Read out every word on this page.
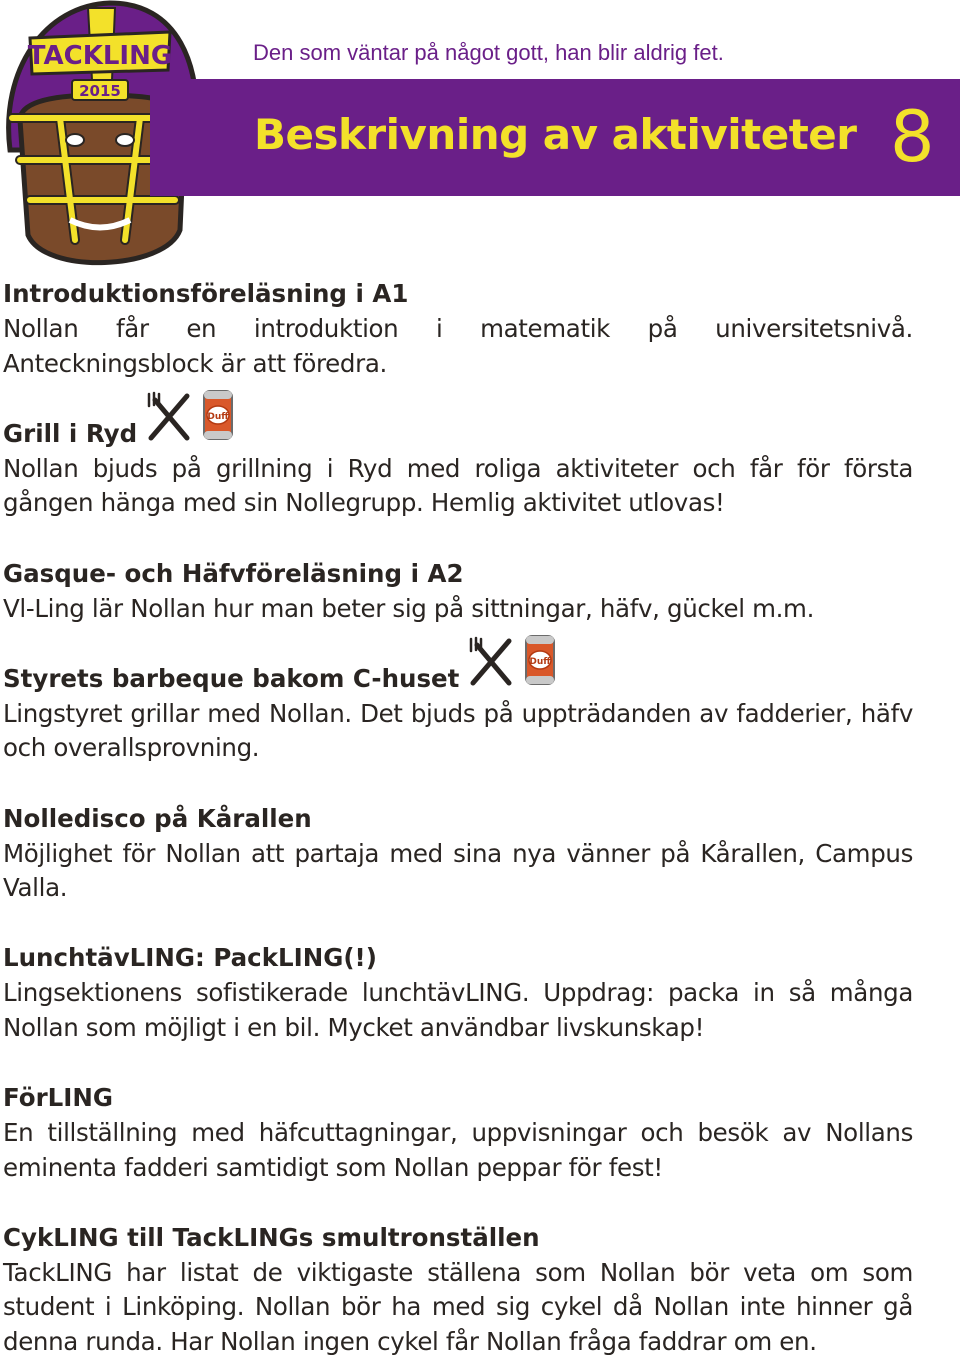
TACKLING
2015
Den som väntar på något gott, han blir aldrig fet.
Beskrivning av aktiviteter 8
Introduktionsföreläsning i A1
Nollan får en introduktion i matematik på universitetsnivå. Anteckningsblock är att föredra.
Grill i Ryd
Duff
Nollan bjuds på grillning i Ryd med roliga aktiviteter och får för första gången hänga med sin Nollegrupp. Hemlig aktivitet utlovas!
Gasque- och Häfvföreläsning i A2
Vl-Ling lär Nollan hur man beter sig på sittningar, häfv, gückel m.m.
Styrets barbeque bakom C-huset
Duff
Lingstyret grillar med Nollan. Det bjuds på uppträdanden av fadderier, häfv och overallsprovning.
Nolledisco på Kårallen
Möjlighet för Nollan att partaja med sina nya vänner på Kårallen, Campus Valla.
LunchtävLING: PackLING(!)
Lingsektionens sofistikerade lunchtävLING. Uppdrag: packa in så många Nollan som möjligt i en bil. Mycket användbar livskunskap!
FörLING
En tillställning med häfcuttagningar, uppvisningar och besök av Nollans eminenta fadderi samtidigt som Nollan peppar för fest!
CykLING till TackLINGs smultronställen
TackLING har listat de viktigaste ställena som Nollan bör veta om som student i Linköping. Nollan bör ha med sig cykel då Nollan inte hinner gå denna runda. Har Nollan ingen cykel får Nollan fråga faddrar om en.
